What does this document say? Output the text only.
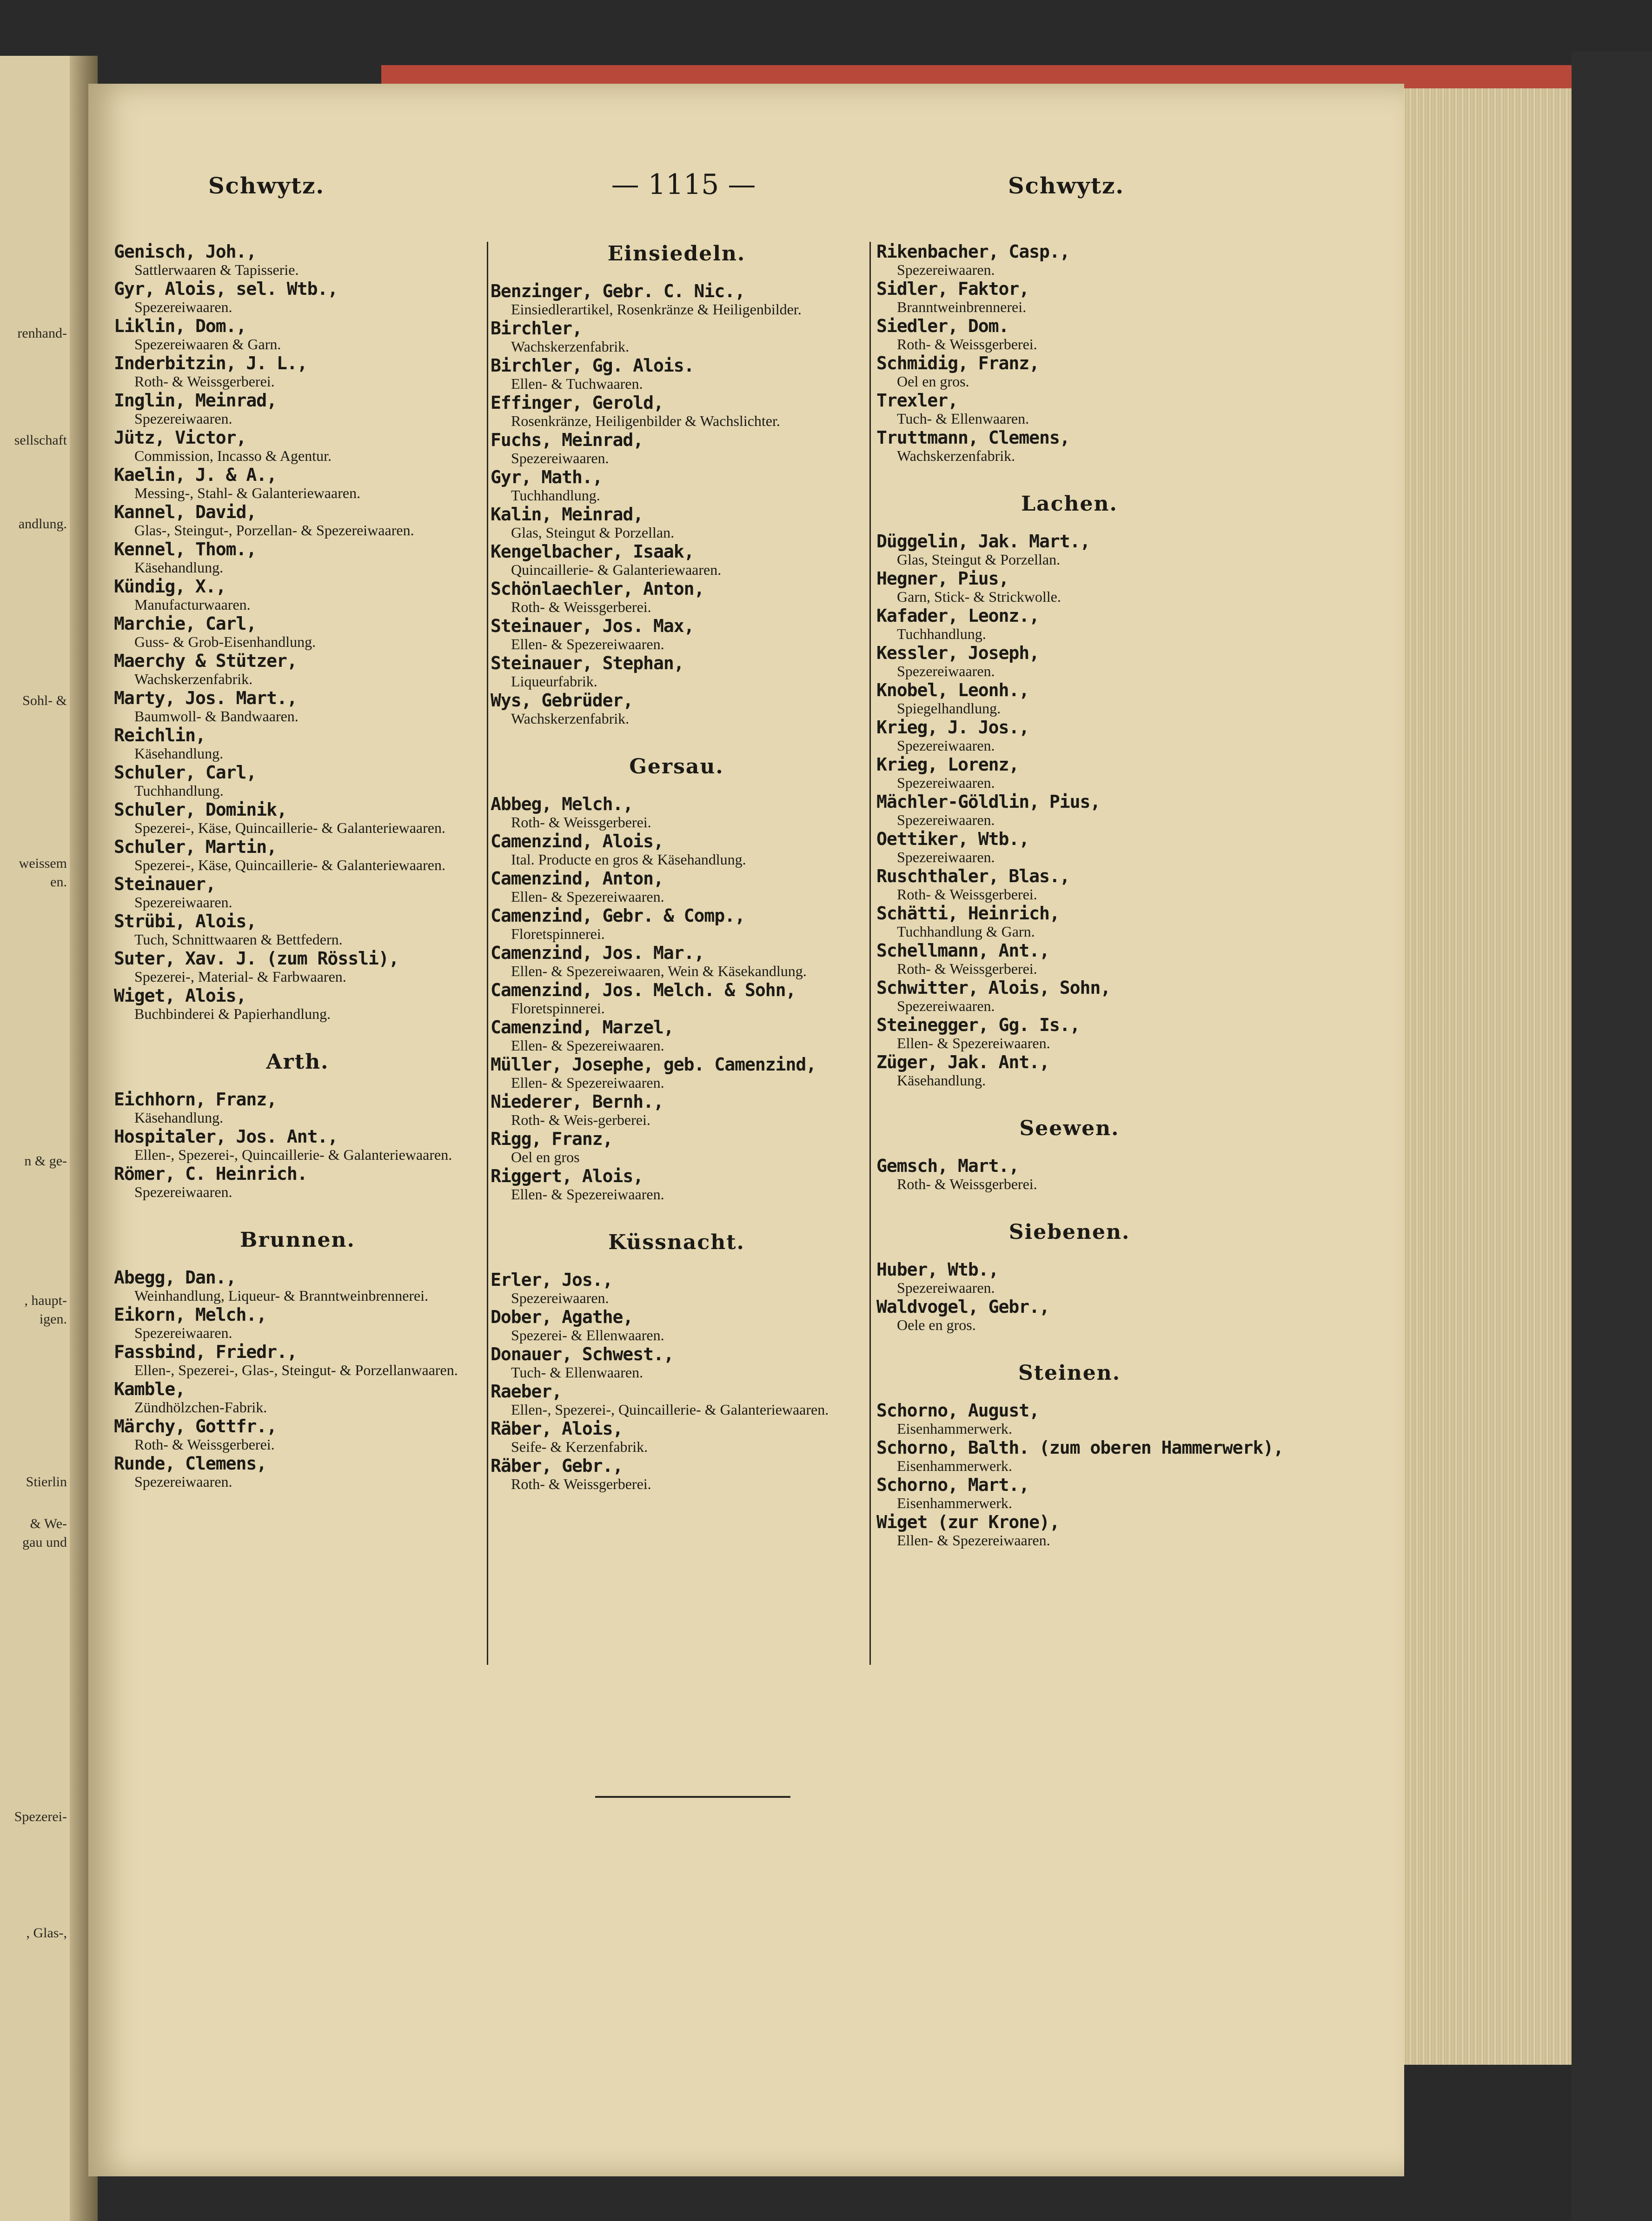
renhand-
sellschaft
andlung.
Sohl- &
weissem
en.
n & ge-
, haupt-
igen.
Stierlin
& We-
gau und
Spezerei-
, Glas-,
Schwytz.	— 1115 —	Schwytz.
Genisch, Joh.,
Sattlerwaaren & Tapisserie.
Gyr, Alois, sel. Wtb.,
Spezereiwaaren.
Liklin, Dom.,
Spezereiwaaren & Garn.
Inderbitzin, J. L.,
Roth- & Weissgerberei.
Inglin, Meinrad,
Spezereiwaaren.
Jütz, Victor,
Commission, Incasso & Agentur.
Kaelin, J. & A.,
Messing-, Stahl- & Galanteriewaaren.
Kannel, David,
Glas-, Steingut-, Porzellan- & Spezereiwaaren.
Kennel, Thom.,
Käsehandlung.
Kündig, X.,
Manufacturwaaren.
Marchie, Carl,
Guss- & Grob-Eisenhandlung.
Maerchy & Stützer,
Wachskerzenfabrik.
Marty, Jos. Mart.,
Baumwoll- & Bandwaaren.
Reichlin,
Käsehandlung.
Schuler, Carl,
Tuchhandlung.
Schuler, Dominik,
Spezerei-, Käse, Quincaillerie- & Galanteriewaaren.
Schuler, Martin,
Spezerei-, Käse, Quincaillerie- & Galanteriewaaren.
Steinauer,
Spezereiwaaren.
Strübi, Alois,
Tuch, Schnittwaaren & Bettfedern.
Suter, Xav. J. (zum Rössli),
Spezerei-, Material- & Farbwaaren.
Wiget, Alois,
Buchbinderei & Papierhandlung.
Arth.
Eichhorn, Franz,
Käsehandlung.
Hospitaler, Jos. Ant.,
Ellen-, Spezerei-, Quincaillerie- & Galanteriewaaren.
Römer, C. Heinrich.
Spezereiwaaren.
Brunnen.
Abegg, Dan.,
Weinhandlung, Liqueur- & Branntweinbrennerei.
Eikorn, Melch.,
Spezereiwaaren.
Fassbind, Friedr.,
Ellen-, Spezerei-, Glas-, Steingut- & Porzellanwaaren.
Kamble,
Zündhölzchen-Fabrik.
Märchy, Gottfr.,
Roth- & Weissgerberei.
Runde, Clemens,
Spezereiwaaren.
Einsiedeln.
Benzinger, Gebr. C. Nic.,
Einsiedlerartikel, Rosenkränze & Heiligenbilder.
Birchler,
Wachskerzenfabrik.
Birchler, Gg. Alois.
Ellen- & Tuchwaaren.
Effinger, Gerold,
Rosenkränze, Heiligenbilder & Wachslichter.
Fuchs, Meinrad,
Spezereiwaaren.
Gyr, Math.,
Tuchhandlung.
Kalin, Meinrad,
Glas, Steingut & Porzellan.
Kengelbacher, Isaak,
Quincaillerie- & Galanteriewaaren.
Schönlaechler, Anton,
Roth- & Weissgerberei.
Steinauer, Jos. Max,
Ellen- & Spezereiwaaren.
Steinauer, Stephan,
Liqueurfabrik.
Wys, Gebrüder,
Wachskerzenfabrik.
Gersau.
Abbeg, Melch.,
Roth- & Weissgerberei.
Camenzind, Alois,
Ital. Producte en gros & Käsehandlung.
Camenzind, Anton,
Ellen- & Spezereiwaaren.
Camenzind, Gebr. & Comp.,
Floretspinnerei.
Camenzind, Jos. Mar.,
Ellen- & Spezereiwaaren, Wein & Käsekandlung.
Camenzind, Jos. Melch. & Sohn,
Floretspinnerei.
Camenzind, Marzel,
Ellen- & Spezereiwaaren.
Müller, Josephe, geb. Camenzind,
Ellen- & Spezereiwaaren.
Niederer, Bernh.,
Roth- & Weis-gerberei.
Rigg, Franz,
Oel en gros
Riggert, Alois,
Ellen- & Spezereiwaaren.
Küssnacht.
Erler, Jos.,
Spezereiwaaren.
Dober, Agathe,
Spezerei- & Ellenwaaren.
Donauer, Schwest.,
Tuch- & Ellenwaaren.
Raeber,
Ellen-, Spezerei-, Quincaillerie- & Galanteriewaaren.
Räber, Alois,
Seife- & Kerzenfabrik.
Räber, Gebr.,
Roth- & Weissgerberei.
Rikenbacher, Casp.,
Spezereiwaaren.
Sidler, Faktor,
Branntweinbrennerei.
Siedler, Dom.
Roth- & Weissgerberei.
Schmidig, Franz,
Oel en gros.
Trexler,
Tuch- & Ellenwaaren.
Truttmann, Clemens,
Wachskerzenfabrik.
Lachen.
Düggelin, Jak. Mart.,
Glas, Steingut & Porzellan.
Hegner, Pius,
Garn, Stick- & Strickwolle.
Kafader, Leonz.,
Tuchhandlung.
Kessler, Joseph,
Spezereiwaaren.
Knobel, Leonh.,
Spiegelhandlung.
Krieg, J. Jos.,
Spezereiwaaren.
Krieg, Lorenz,
Spezereiwaaren.
Mächler-Göldlin, Pius,
Spezereiwaaren.
Oettiker, Wtb.,
Spezereiwaaren.
Ruschthaler, Blas.,
Roth- & Weissgerberei.
Schätti, Heinrich,
Tuchhandlung & Garn.
Schellmann, Ant.,
Roth- & Weissgerberei.
Schwitter, Alois, Sohn,
Spezereiwaaren.
Steinegger, Gg. Is.,
Ellen- & Spezereiwaaren.
Züger, Jak. Ant.,
Käsehandlung.
Seewen.
Gemsch, Mart.,
Roth- & Weissgerberei.
Siebenen.
Huber, Wtb.,
Spezereiwaaren.
Waldvogel, Gebr.,
Oele en gros.
Steinen.
Schorno, August,
Eisenhammerwerk.
Schorno, Balth. (zum oberen Hammerwerk),
Eisenhammerwerk.
Schorno, Mart.,
Eisenhammerwerk.
Wiget (zur Krone),
Ellen- & Spezereiwaaren.
